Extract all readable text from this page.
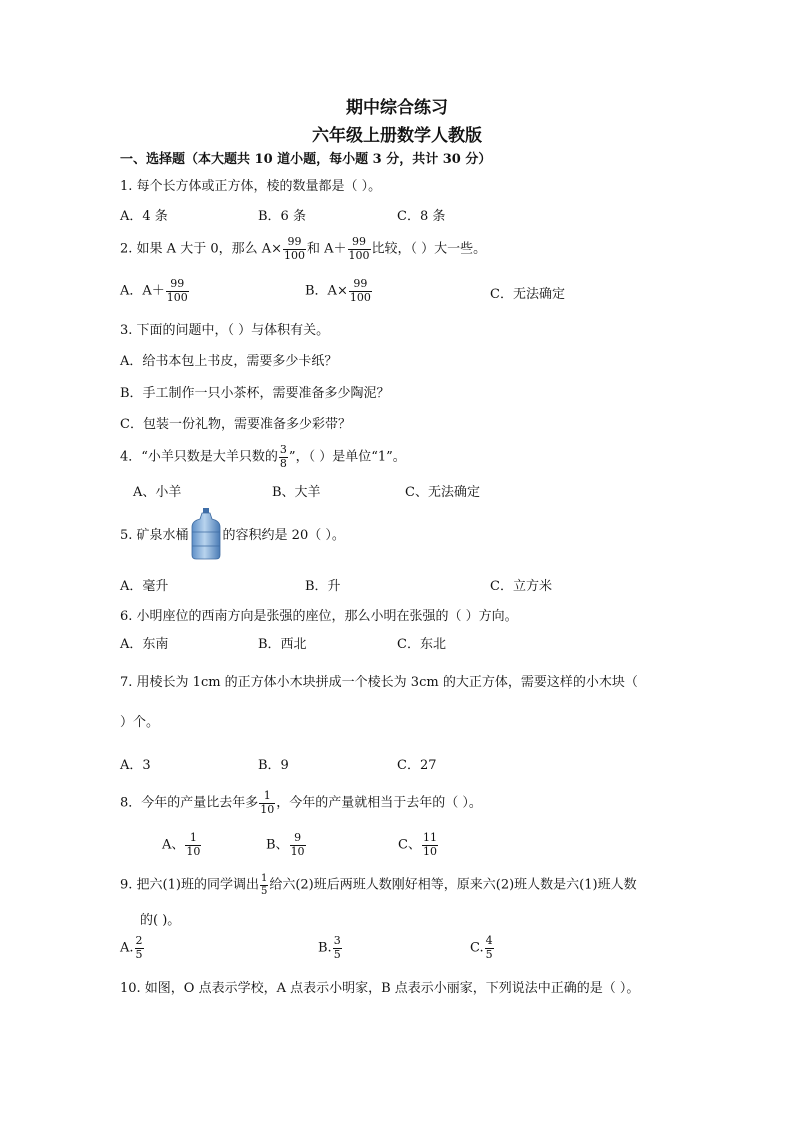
期中综合练习
六年级上册数学人教版
一、选择题（本大题共 10 道小题，每小题 3 分，共计 30 分）
1. 每个长方体或正方体，棱的数量都是（ ）。
A．4 条	B．6 条	C．8 条
2. 如果 A 大于 0，那么 $A\times \frac{99}{100}$ 和 $A+ \frac{99}{100}$ 比较，（ ）大一些。
A．$A+ \frac{99}{100}$	B．$A\times \frac{99}{100}$	C．无法确定
3. 下面的问题中，（ ）与体积有关。
A．给书本包上书皮，需要多少卡纸？
B．手工制作一只小茶杯，需要准备多少陶泥？
C．包装一份礼物，需要准备多少彩带？
4．“小羊只数是大羊只数的 $\frac{3}{8}$ ”，（ ）是单位“1”。
A、小羊	B、大羊	C、无法确定
5. 矿泉水桶	的容积约是 20（ ）。
A．毫升	B．升	C．立方米
6. 小明座位的西南方向是张强的座位，那么小明在张强的（ ）方向。
A．东南	B．西北	C．东北
7. 用棱长为 1cm 的正方体小木块拼成一个棱长为 3cm 的大正方体，需要这样的小木块（
）个。
A．3	B．9	C．27
8．今年的产量比去年多 $\frac{1}{10}$ ，今年的产量就相当于去年的（ ）。
A、 $\frac{1}{10}$	B、 $\frac{9}{10}$	C、 $\frac{11}{10}$
9. 把六(1)班的同学调出 $\frac{1}{5}$ 给六(2)班后两班人数刚好相等，原来六(2)班人数是六(1)班人数
的( )。
A. $\frac{2}{5}$	B. $\frac{3}{5}$	C. $\frac{4}{5}$
10. 如图，O 点表示学校，A 点表示小明家，B 点表示小丽家，下列说法中正确的是（ ）。
